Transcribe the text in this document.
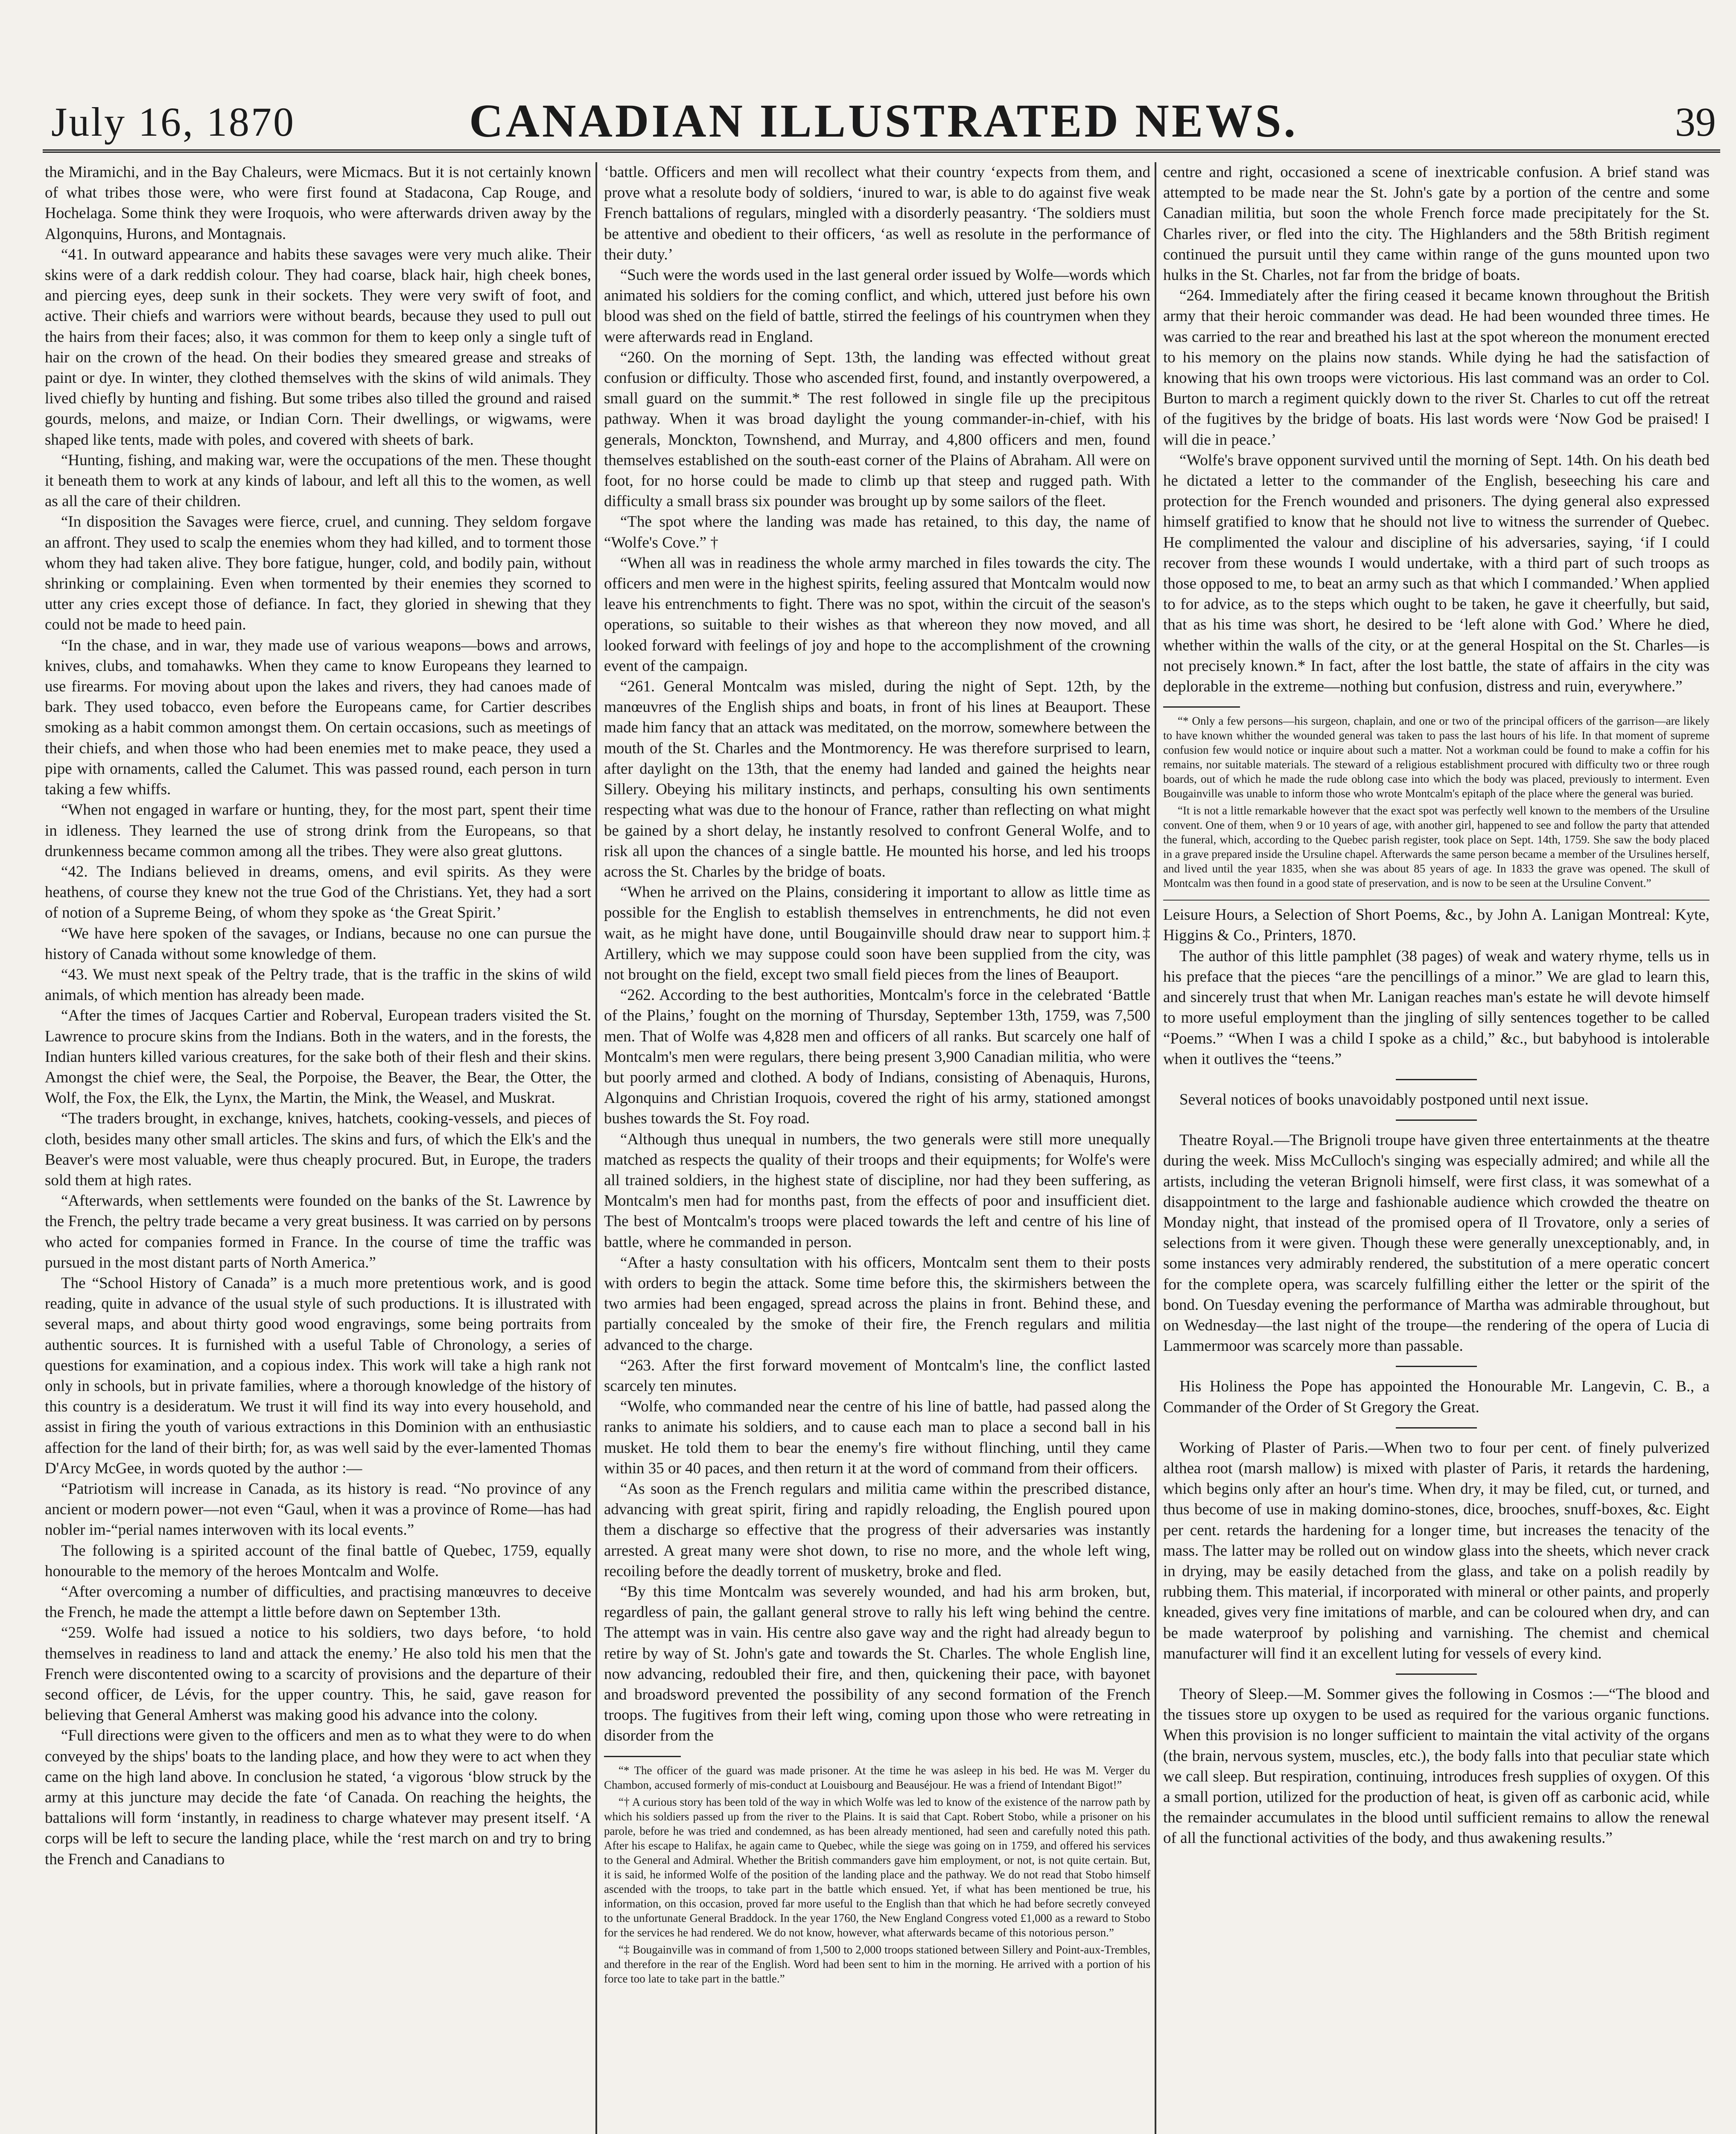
July 16, 1870	CANADIAN ILLUSTRATED NEWS.	39

the Miramichi, and in the Bay Chaleurs, were Micmacs. But it is not certainly known of what tribes those were, who were first found at Stadacona, Cap Rouge, and Hochelaga. Some think they were Iroquois, who were afterwards driven away by the Algonquins, Hurons, and Montagnais.

“41. In outward appearance and habits these savages were very much alike. Their skins were of a dark reddish colour. They had coarse, black hair, high cheek bones, and piercing eyes, deep sunk in their sockets. They were very swift of foot, and active. Their chiefs and warriors were without beards, because they used to pull out the hairs from their faces; also, it was common for them to keep only a single tuft of hair on the crown of the head. On their bodies they smeared grease and streaks of paint or dye. In winter, they clothed themselves with the skins of wild animals. They lived chiefly by hunting and fishing. But some tribes also tilled the ground and raised gourds, melons, and maize, or Indian Corn. Their dwellings, or wigwams, were shaped like tents, made with poles, and covered with sheets of bark.

“Hunting, fishing, and making war, were the occupations of the men. These thought it beneath them to work at any kinds of labour, and left all this to the women, as well as all the care of their children.

“In disposition the Savages were fierce, cruel, and cunning. They seldom forgave an affront. They used to scalp the enemies whom they had killed, and to torment those whom they had taken alive. They bore fatigue, hunger, cold, and bodily pain, without shrinking or complaining. Even when tormented by their enemies they scorned to utter any cries except those of defiance. In fact, they gloried in shewing that they could not be made to heed pain.

“In the chase, and in war, they made use of various weapons—bows and arrows, knives, clubs, and tomahawks. When they came to know Europeans they learned to use firearms. For moving about upon the lakes and rivers, they had canoes made of bark. They used tobacco, even before the Europeans came, for Cartier describes smoking as a habit common amongst them. On certain occasions, such as meetings of their chiefs, and when those who had been enemies met to make peace, they used a pipe with ornaments, called the Calumet. This was passed round, each person in turn taking a few whiffs.

“When not engaged in warfare or hunting, they, for the most part, spent their time in idleness. They learned the use of strong drink from the Europeans, so that drunkenness became common among all the tribes. They were also great gluttons.

“42. The Indians believed in dreams, omens, and evil spirits. As they were heathens, of course they knew not the true God of the Christians. Yet, they had a sort of notion of a Supreme Being, of whom they spoke as ‘the Great Spirit.’

“We have here spoken of the savages, or Indians, because no one can pursue the history of Canada without some knowledge of them.

“43. We must next speak of the Peltry trade, that is the traffic in the skins of wild animals, of which mention has already been made.

“After the times of Jacques Cartier and Roberval, European traders visited the St. Lawrence to procure skins from the Indians. Both in the waters, and in the forests, the Indian hunters killed various creatures, for the sake both of their flesh and their skins. Amongst the chief were, the Seal, the Porpoise, the Beaver, the Bear, the Otter, the Wolf, the Fox, the Elk, the Lynx, the Martin, the Mink, the Weasel, and Muskrat.

“The traders brought, in exchange, knives, hatchets, cooking-vessels, and pieces of cloth, besides many other small articles. The skins and furs, of which the Elk's and the Beaver's were most valuable, were thus cheaply procured. But, in Europe, the traders sold them at high rates.

“Afterwards, when settlements were founded on the banks of the St. Lawrence by the French, the peltry trade became a very great business. It was carried on by persons who acted for companies formed in France. In the course of time the traffic was pursued in the most distant parts of North America.”

The “School History of Canada” is a much more pretentious work, and is good reading, quite in advance of the usual style of such productions. It is illustrated with several maps, and about thirty good wood engravings, some being portraits from authentic sources. It is furnished with a useful Table of Chronology, a series of questions for examination, and a copious index. This work will take a high rank not only in schools, but in private families, where a thorough knowledge of the history of this country is a desideratum. We trust it will find its way into every household, and assist in firing the youth of various extractions in this Dominion with an enthusiastic affection for the land of their birth; for, as was well said by the ever-lamented Thomas D'Arcy McGee, in words quoted by the author :—

“Patriotism will increase in Canada, as its history is read. “No province of any ancient or modern power—not even “Gaul, when it was a province of Rome—has had nobler im-“perial names interwoven with its local events.”

The following is a spirited account of the final battle of Quebec, 1759, equally honourable to the memory of the heroes Montcalm and Wolfe.

“After overcoming a number of difficulties, and practising manœuvres to deceive the French, he made the attempt a little before dawn on September 13th.

“259. Wolfe had issued a notice to his soldiers, two days before, ‘to hold themselves in readiness to land and attack the enemy.’ He also told his men that the French were discontented owing to a scarcity of provisions and the departure of their second officer, de Lévis, for the upper country. This, he said, gave reason for believing that General Amherst was making good his advance into the colony.

“Full directions were given to the officers and men as to what they were to do when conveyed by the ships' boats to the landing place, and how they were to act when they came on the high land above. In conclusion he stated, ‘a vigorous ‘blow struck by the army at this juncture may decide the fate ‘of Canada. On reaching the heights, the battalions will form ‘instantly, in readiness to charge whatever may present itself. ‘A corps will be left to secure the landing place, while the ‘rest march on and try to bring the French and Canadians to

‘battle. Officers and men will recollect what their country ‘expects from them, and prove what a resolute body of soldiers, ‘inured to war, is able to do against five weak French battalions of regulars, mingled with a disorderly peasantry. ‘The soldiers must be attentive and obedient to their officers, ‘as well as resolute in the performance of their duty.’

“Such were the words used in the last general order issued by Wolfe—words which animated his soldiers for the coming conflict, and which, uttered just before his own blood was shed on the field of battle, stirred the feelings of his countrymen when they were afterwards read in England.

“260. On the morning of Sept. 13th, the landing was effected without great confusion or difficulty. Those who ascended first, found, and instantly overpowered, a small guard on the summit.* The rest followed in single file up the precipitous pathway. When it was broad daylight the young commander-in-chief, with his generals, Monckton, Townshend, and Murray, and 4,800 officers and men, found themselves established on the south-east corner of the Plains of Abraham. All were on foot, for no horse could be made to climb up that steep and rugged path. With difficulty a small brass six pounder was brought up by some sailors of the fleet.

“The spot where the landing was made has retained, to this day, the name of “Wolfe's Cove.” †

“When all was in readiness the whole army marched in files towards the city. The officers and men were in the highest spirits, feeling assured that Montcalm would now leave his entrenchments to fight. There was no spot, within the circuit of the season's operations, so suitable to their wishes as that whereon they now moved, and all looked forward with feelings of joy and hope to the accomplishment of the crowning event of the campaign.

“261. General Montcalm was misled, during the night of Sept. 12th, by the manœuvres of the English ships and boats, in front of his lines at Beauport. These made him fancy that an attack was meditated, on the morrow, somewhere between the mouth of the St. Charles and the Montmorency. He was therefore surprised to learn, after daylight on the 13th, that the enemy had landed and gained the heights near Sillery. Obeying his military instincts, and perhaps, consulting his own sentiments respecting what was due to the honour of France, rather than reflecting on what might be gained by a short delay, he instantly resolved to confront General Wolfe, and to risk all upon the chances of a single battle. He mounted his horse, and led his troops across the St. Charles by the bridge of boats.

“When he arrived on the Plains, considering it important to allow as little time as possible for the English to establish themselves in entrenchments, he did not even wait, as he might have done, until Bougainville should draw near to support him.‡ Artillery, which we may suppose could soon have been supplied from the city, was not brought on the field, except two small field pieces from the lines of Beauport.

“262. According to the best authorities, Montcalm's force in the celebrated ‘Battle of the Plains,’ fought on the morning of Thursday, September 13th, 1759, was 7,500 men. That of Wolfe was 4,828 men and officers of all ranks. But scarcely one half of Montcalm's men were regulars, there being present 3,900 Canadian militia, who were but poorly armed and clothed. A body of Indians, consisting of Abenaquis, Hurons, Algonquins and Christian Iroquois, covered the right of his army, stationed amongst bushes towards the St. Foy road.

“Although thus unequal in numbers, the two generals were still more unequally matched as respects the quality of their troops and their equipments; for Wolfe's were all trained soldiers, in the highest state of discipline, nor had they been suffering, as Montcalm's men had for months past, from the effects of poor and insufficient diet. The best of Montcalm's troops were placed towards the left and centre of his line of battle, where he commanded in person.

“After a hasty consultation with his officers, Montcalm sent them to their posts with orders to begin the attack. Some time before this, the skirmishers between the two armies had been engaged, spread across the plains in front. Behind these, and partially concealed by the smoke of their fire, the French regulars and militia advanced to the charge.

“263. After the first forward movement of Montcalm's line, the conflict lasted scarcely ten minutes.

“Wolfe, who commanded near the centre of his line of battle, had passed along the ranks to animate his soldiers, and to cause each man to place a second ball in his musket. He told them to bear the enemy's fire without flinching, until they came within 35 or 40 paces, and then return it at the word of command from their officers.

“As soon as the French regulars and militia came within the prescribed distance, advancing with great spirit, firing and rapidly reloading, the English poured upon them a discharge so effective that the progress of their adversaries was instantly arrested. A great many were shot down, to rise no more, and the whole left wing, recoiling before the deadly torrent of musketry, broke and fled.

“By this time Montcalm was severely wounded, and had his arm broken, but, regardless of pain, the gallant general strove to rally his left wing behind the centre. The attempt was in vain. His centre also gave way and the right had already begun to retire by way of St. John's gate and towards the St. Charles. The whole English line, now advancing, redoubled their fire, and then, quickening their pace, with bayonet and broadsword prevented the possibility of any second formation of the French troops. The fugitives from their left wing, coming upon those who were retreating in disorder from the

“* The officer of the guard was made prisoner. At the time he was asleep in his bed. He was M. Verger du Chambon, accused formerly of mis-conduct at Louisbourg and Beauséjour. He was a friend of Intendant Bigot!”

“† A curious story has been told of the way in which Wolfe was led to know of the existence of the narrow path by which his soldiers passed up from the river to the Plains. It is said that Capt. Robert Stobo, while a prisoner on his parole, before he was tried and condemned, as has been already mentioned, had seen and carefully noted this path. After his escape to Halifax, he again came to Quebec, while the siege was going on in 1759, and offered his services to the General and Admiral. Whether the British commanders gave him employment, or not, is not quite certain. But, it is said, he informed Wolfe of the position of the landing place and the pathway. We do not read that Stobo himself ascended with the troops, to take part in the battle which ensued. Yet, if what has been mentioned be true, his information, on this occasion, proved far more useful to the English than that which he had before secretly conveyed to the unfortunate General Braddock. In the year 1760, the New England Congress voted £1,000 as a reward to Stobo for the services he had rendered. We do not know, however, what afterwards became of this notorious person.”

“‡ Bougainville was in command of from 1,500 to 2,000 troops stationed between Sillery and Point-aux-Trembles, and therefore in the rear of the English. Word had been sent to him in the morning. He arrived with a portion of his force too late to take part in the battle.”

centre and right, occasioned a scene of inextricable confusion. A brief stand was attempted to be made near the St. John's gate by a portion of the centre and some Canadian militia, but soon the whole French force made precipitately for the St. Charles river, or fled into the city. The Highlanders and the 58th British regiment continued the pursuit until they came within range of the guns mounted upon two hulks in the St. Charles, not far from the bridge of boats.

“264. Immediately after the firing ceased it became known throughout the British army that their heroic commander was dead. He had been wounded three times. He was carried to the rear and breathed his last at the spot whereon the monument erected to his memory on the plains now stands. While dying he had the satisfaction of knowing that his own troops were victorious. His last command was an order to Col. Burton to march a regiment quickly down to the river St. Charles to cut off the retreat of the fugitives by the bridge of boats. His last words were ‘Now God be praised! I will die in peace.’

“Wolfe's brave opponent survived until the morning of Sept. 14th. On his death bed he dictated a letter to the commander of the English, beseeching his care and protection for the French wounded and prisoners. The dying general also expressed himself gratified to know that he should not live to witness the surrender of Quebec. He complimented the valour and discipline of his adversaries, saying, ‘if I could recover from these wounds I would undertake, with a third part of such troops as those opposed to me, to beat an army such as that which I commanded.’ When applied to for advice, as to the steps which ought to be taken, he gave it cheerfully, but said, that as his time was short, he desired to be ‘left alone with God.’ Where he died, whether within the walls of the city, or at the general Hospital on the St. Charles—is not precisely known.* In fact, after the lost battle, the state of affairs in the city was deplorable in the extreme—nothing but confusion, distress and ruin, everywhere.”

“* Only a few persons—his surgeon, chaplain, and one or two of the principal officers of the garrison—are likely to have known whither the wounded general was taken to pass the last hours of his life. In that moment of supreme confusion few would notice or inquire about such a matter. Not a workman could be found to make a coffin for his remains, nor suitable materials. The steward of a religious establishment procured with difficulty two or three rough boards, out of which he made the rude oblong case into which the body was placed, previously to interment. Even Bougainville was unable to inform those who wrote Montcalm's epitaph of the place where the general was buried.

“It is not a little remarkable however that the exact spot was perfectly well known to the members of the Ursuline convent. One of them, when 9 or 10 years of age, with another girl, happened to see and follow the party that attended the funeral, which, according to the Quebec parish register, took place on Sept. 14th, 1759. She saw the body placed in a grave prepared inside the Ursuline chapel. Afterwards the same person became a member of the Ursulines herself, and lived until the year 1835, when she was about 85 years of age. In 1833 the grave was opened. The skull of Montcalm was then found in a good state of preservation, and is now to be seen at the Ursuline Convent.”

Leisure Hours, a Selection of Short Poems, &c., by John A. Lanigan Montreal: Kyte, Higgins & Co., Printers, 1870.

The author of this little pamphlet (38 pages) of weak and watery rhyme, tells us in his preface that the pieces “are the pencillings of a minor.” We are glad to learn this, and sincerely trust that when Mr. Lanigan reaches man's estate he will devote himself to more useful employment than the jingling of silly sentences together to be called “Poems.” “When I was a child I spoke as a child,” &c., but babyhood is intolerable when it outlives the “teens.”

Several notices of books unavoidably postponed until next issue.

Theatre Royal.—The Brignoli troupe have given three entertainments at the theatre during the week. Miss McCulloch's singing was especially admired; and while all the artists, including the veteran Brignoli himself, were first class, it was somewhat of a disappointment to the large and fashionable audience which crowded the theatre on Monday night, that instead of the promised opera of Il Trovatore, only a series of selections from it were given. Though these were generally unexceptionably, and, in some instances very admirably rendered, the substitution of a mere operatic concert for the complete opera, was scarcely fulfilling either the letter or the spirit of the bond. On Tuesday evening the performance of Martha was admirable throughout, but on Wednesday—the last night of the troupe—the rendering of the opera of Lucia di Lammermoor was scarcely more than passable.

His Holiness the Pope has appointed the Honourable Mr. Langevin, C. B., a Commander of the Order of St Gregory the Great.

Working of Plaster of Paris.—When two to four per cent. of finely pulverized althea root (marsh mallow) is mixed with plaster of Paris, it retards the hardening, which begins only after an hour's time. When dry, it may be filed, cut, or turned, and thus become of use in making domino-stones, dice, brooches, snuff-boxes, &c. Eight per cent. retards the hardening for a longer time, but increases the tenacity of the mass. The latter may be rolled out on window glass into the sheets, which never crack in drying, may be easily detached from the glass, and take on a polish readily by rubbing them. This material, if incorporated with mineral or other paints, and properly kneaded, gives very fine imitations of marble, and can be coloured when dry, and can be made waterproof by polishing and varnishing. The chemist and chemical manufacturer will find it an excellent luting for vessels of every kind.

Theory of Sleep.—M. Sommer gives the following in Cosmos :—“The blood and the tissues store up oxygen to be used as required for the various organic functions. When this provision is no longer sufficient to maintain the vital activity of the organs (the brain, nervous system, muscles, etc.), the body falls into that peculiar state which we call sleep. But respiration, continuing, introduces fresh supplies of oxygen. Of this a small portion, utilized for the production of heat, is given off as carbonic acid, while the remainder accumulates in the blood until sufficient remains to allow the renewal of all the functional activities of the body, and thus awakening results.”
